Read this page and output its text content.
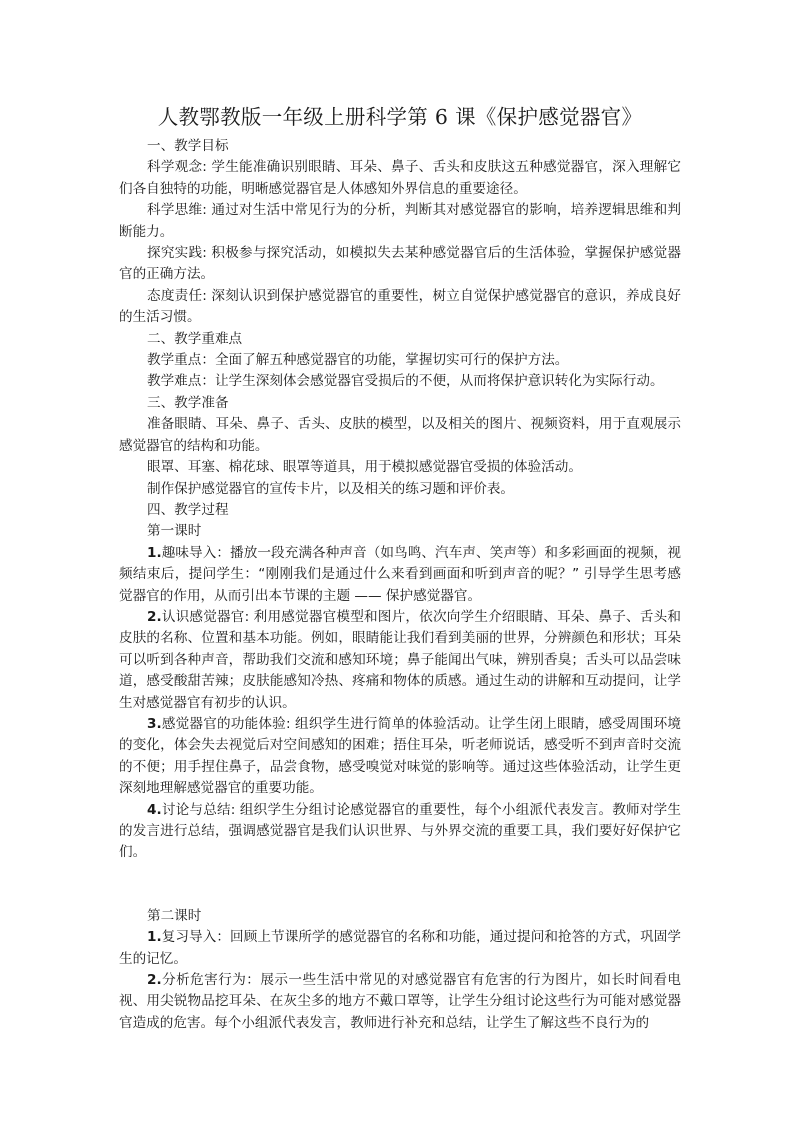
人教鄂教版一年级上册科学第 6 课《保护感觉器官》
一、教学目标

科学观念: 学生能准确识别眼睛、耳朵、鼻子、舌头和皮肤这五种感觉器官，深入理解它们各自独特的功能，明晰感觉器官是人体感知外界信息的重要途径。

科学思维: 通过对生活中常见行为的分析，判断其对感觉器官的影响，培养逻辑思维和判断能力。

探究实践: 积极参与探究活动，如模拟失去某种感觉器官后的生活体验，掌握保护感觉器官的正确方法。

态度责任: 深刻认识到保护感觉器官的重要性，树立自觉保护感觉器官的意识，养成良好的生活习惯。

二、教学重难点

教学重点：全面了解五种感觉器官的功能，掌握切实可行的保护方法。

教学难点：让学生深刻体会感觉器官受损后的不便，从而将保护意识转化为实际行动。

三、教学准备

准备眼睛、耳朵、鼻子、舌头、皮肤的模型，以及相关的图片、视频资料，用于直观展示感觉器官的结构和功能。

眼罩、耳塞、棉花球、眼罩等道具，用于模拟感觉器官受损的体验活动。

制作保护感觉器官的宣传卡片，以及相关的练习题和评价表。

四、教学过程
第一课时

1.趣味导入：播放一段充满各种声音（如鸟鸣、汽车声、笑声等）和多彩画面的视频，视频结束后，提问学生：“刚刚我们是通过什么来看到画面和听到声音的呢？” 引导学生思考感觉器官的作用，从而引出本节课的主题 —— 保护感觉器官。

2.认识感觉器官: 利用感觉器官模型和图片，依次向学生介绍眼睛、耳朵、鼻子、舌头和皮肤的名称、位置和基本功能。例如，眼睛能让我们看到美丽的世界，分辨颜色和形状；耳朵可以听到各种声音，帮助我们交流和感知环境；鼻子能闻出气味，辨别香臭；舌头可以品尝味道，感受酸甜苦辣；皮肤能感知冷热、疼痛和物体的质感。通过生动的讲解和互动提问，让学生对感觉器官有初步的认识。

3.感觉器官的功能体验: 组织学生进行简单的体验活动。让学生闭上眼睛，感受周围环境的变化，体会失去视觉后对空间感知的困难；捂住耳朵，听老师说话，感受听不到声音时交流的不便；用手捏住鼻子，品尝食物，感受嗅觉对味觉的影响等。通过这些体验活动，让学生更深刻地理解感觉器官的重要功能。

4.讨论与总结: 组织学生分组讨论感觉器官的重要性，每个小组派代表发言。教师对学生的发言进行总结，强调感觉器官是我们认识世界、与外界交流的重要工具，我们要好好保护它们。

第二课时

1.复习导入：回顾上节课所学的感觉器官的名称和功能，通过提问和抢答的方式，巩固学生的记忆。

2.分析危害行为：展示一些生活中常见的对感觉器官有危害的行为图片，如长时间看电视、用尖锐物品挖耳朵、在灰尘多的地方不戴口罩等，让学生分组讨论这些行为可能对感觉器官造成的危害。每个小组派代表发言，教师进行补充和总结，让学生了解这些不良行为的
